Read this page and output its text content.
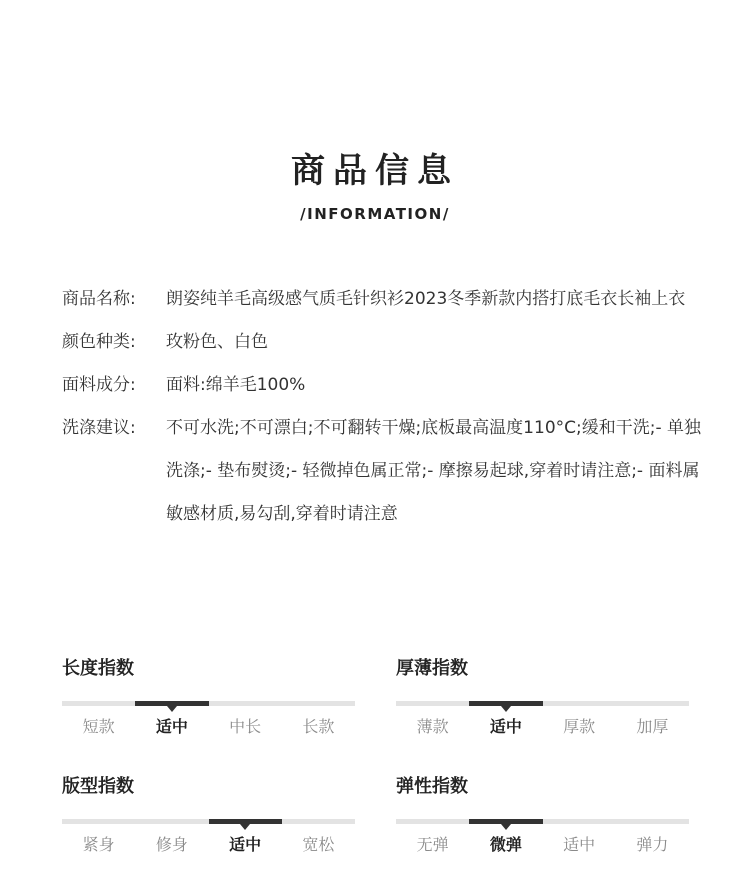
商品信息
/INFORMATION/
商品名称:	朗姿纯羊毛高级感气质毛针织衫2023冬季新款内搭打底毛衣长袖上衣
颜色种类:	玫粉色、白色
面料成分:	面料:绵羊毛100%
洗涤建议:	不可水洗;不可漂白;不可翻转干燥;底板最高温度110°C;缓和干洗;- 单独洗涤;- 垫布熨烫;- 轻微掉色属正常;- 摩擦易起球,穿着时请注意;- 面料属敏感材质,易勾刮,穿着时请注意
长度指数
短款	适中	中长	长款
厚薄指数
薄款	适中	厚款	加厚
版型指数
紧身	修身	适中	宽松
弹性指数
无弹	微弹	适中	弹力
